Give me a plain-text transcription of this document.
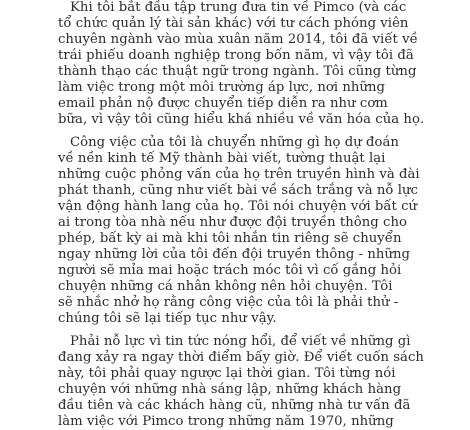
Khi tôi bắt đầu tập trung đưa tin về Pimco (và các
tổ chức quản lý tài sản khác) với tư cách phóng viên
chuyên ngành vào mùa xuân năm 2014, tôi đã viết về
trái phiếu doanh nghiệp trong bốn năm, vì vậy tôi đã
thành thạo các thuật ngữ trong ngành. Tôi cũng từng
làm việc trong một môi trường áp lực, nơi những
email phản nộ được chuyển tiếp diễn ra như cơm
bữa, vì vậy tôi cũng hiểu khá nhiều về văn hóa của họ.
Công việc của tôi là chuyển những gì họ dự đoán
về nền kinh tế Mỹ thành bài viết, tường thuật lại
những cuộc phỏng vấn của họ trên truyền hình và đài
phát thanh, cũng như viết bài về sách trắng và nỗ lực
vận động hành lang của họ. Tôi nói chuyện với bất cứ
ai trong tòa nhà nếu như được đội truyền thông cho
phép, bất kỳ ai mà khi tôi nhắn tin riêng sẽ chuyển
ngay những lời của tôi đến đội truyền thông - những
người sẽ mỉa mai hoặc trách móc tôi vì cố gắng hỏi
chuyện những cá nhân không nên hỏi chuyện. Tôi
sẽ nhắc nhở họ rằng công việc của tôi là phải thử -
chúng tôi sẽ lại tiếp tục như vậy.
Phải nỗ lực vì tin tức nóng hổi, để viết về những gì
đang xảy ra ngay thời điểm bấy giờ. Để viết cuốn sách
này, tôi phải quay ngược lại thời gian. Tôi từng nói
chuyện với những nhà sáng lập, những khách hàng
đầu tiên và các khách hàng cũ, những nhà tư vấn đã
làm việc với Pimco trong những năm 1970, những
